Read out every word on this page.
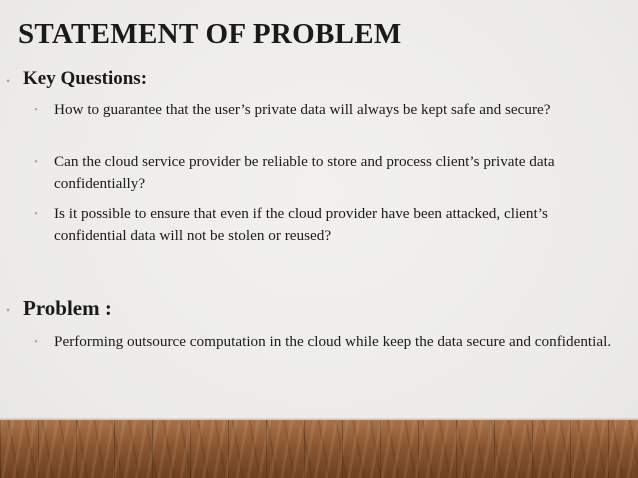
STATEMENT OF PROBLEM
• Key Questions:
• How to guarantee that the user’s private data will always be kept safe and secure?
• Can the cloud service provider be reliable to store and process client’s private data confidentially?
• Is it possible to ensure that even if the cloud provider have been attacked, client’s confidential data will not be stolen or reused?
• Problem :
• Performing outsource computation in the cloud while keep the data secure and confidential.
